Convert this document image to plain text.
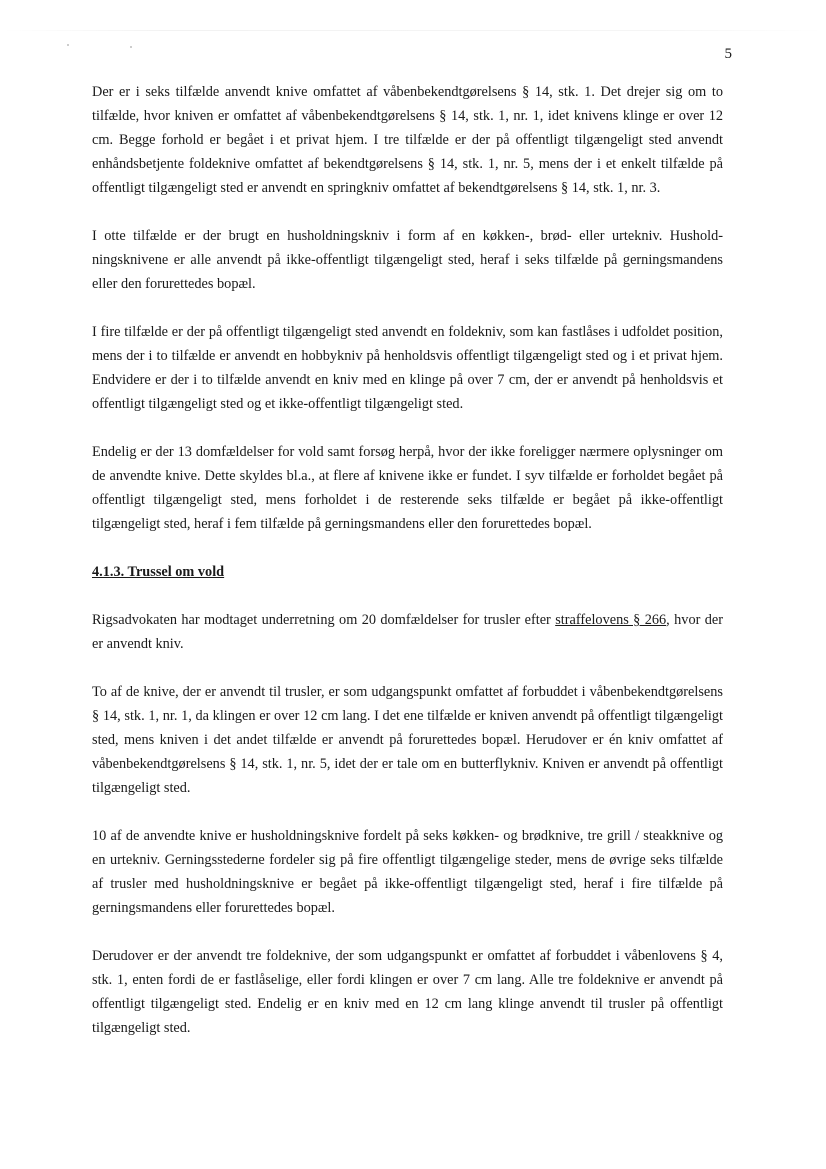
5

Der er i seks tilfælde anvendt knive omfattet af våbenbekendtgørelsens § 14, stk. 1. Det drejer sig om to tilfælde, hvor kniven er omfattet af våbenbekendtgørelsens § 14, stk. 1, nr. 1, idet knivens klinge er over 12 cm. Begge forhold er begået i et privat hjem. I tre tilfælde er der på offentligt tilgængeligt sted anvendt enhåndsbetjente foldeknive omfattet af bekendtgørelsens § 14, stk. 1, nr. 5, mens der i et enkelt tilfælde på offentligt tilgængeligt sted er anvendt en springkniv omfattet af bekendtgørelsens § 14, stk. 1, nr. 3.

I otte tilfælde er der brugt en husholdningskniv i form af en køkken-, brød- eller urtekniv. Husholdningsknivene er alle anvendt på ikke-offentligt tilgængeligt sted, heraf i seks tilfælde på gerningsmandens eller den forurettedes bopæl.

I fire tilfælde er der på offentligt tilgængeligt sted anvendt en foldekniv, som kan fastlåses i udfoldet position, mens der i to tilfælde er anvendt en hobbykniv på henholdsvis offentligt tilgængeligt sted og i et privat hjem. Endvidere er der i to tilfælde anvendt en kniv med en klinge på over 7 cm, der er anvendt på henholdsvis et offentligt tilgængeligt sted og et ikke-offentligt tilgængeligt sted.

Endelig er der 13 domfældelser for vold samt forsøg herpå, hvor der ikke foreligger nærmere oplysninger om de anvendte knive. Dette skyldes bl.a., at flere af knivene ikke er fundet. I syv tilfælde er forholdet begået på offentligt tilgængeligt sted, mens forholdet i de resterende seks tilfælde er begået på ikke-offentligt tilgængeligt sted, heraf i fem tilfælde på gerningsmandens eller den forurettedes bopæl.

4.1.3. Trussel om vold

Rigsadvokaten har modtaget underretning om 20 domfældelser for trusler efter straffelovens § 266, hvor der er anvendt kniv.

To af de knive, der er anvendt til trusler, er som udgangspunkt omfattet af forbuddet i våbenbekendtgørelsens § 14, stk. 1, nr. 1, da klingen er over 12 cm lang. I det ene tilfælde er kniven anvendt på offentligt tilgængeligt sted, mens kniven i det andet tilfælde er anvendt på forurettedes bopæl. Herudover er én kniv omfattet af våbenbekendtgørelsens § 14, stk. 1, nr. 5, idet der er tale om en butterflykniv. Kniven er anvendt på offentligt tilgængeligt sted.

10 af de anvendte knive er husholdningsknive fordelt på seks køkken- og brødknive, tre grill / steakknive og en urtekniv. Gerningsstederne fordeler sig på fire offentligt tilgængelige steder, mens de øvrige seks tilfælde af trusler med husholdningsknive er begået på ikke-offentligt tilgængeligt sted, heraf i fire tilfælde på gerningsmandens eller forurettedes bopæl.

Derudover er der anvendt tre foldeknive, der som udgangspunkt er omfattet af forbuddet i våbenlovens § 4, stk. 1, enten fordi de er fastlåselige, eller fordi klingen er over 7 cm lang. Alle tre foldeknive er anvendt på offentligt tilgængeligt sted. Endelig er en kniv med en 12 cm lang klinge anvendt til trusler på offentligt tilgængeligt sted.
